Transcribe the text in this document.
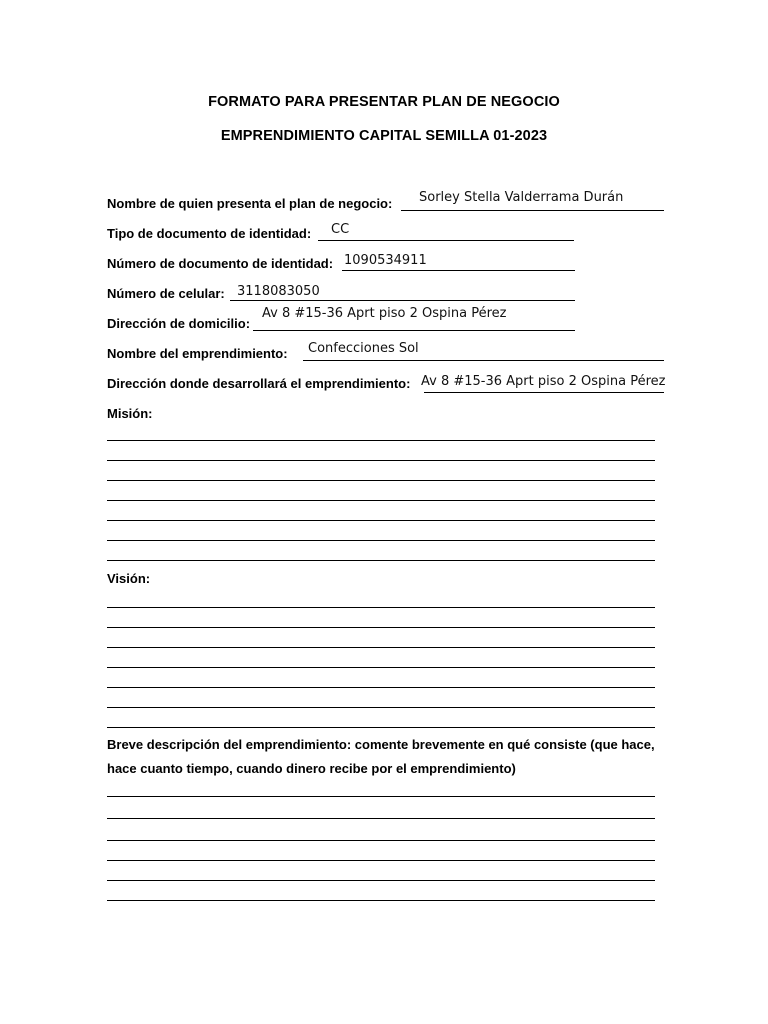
FORMATO PARA PRESENTAR PLAN DE NEGOCIO
EMPRENDIMIENTO CAPITAL SEMILLA 01-2023
Nombre de quien presenta el plan de negocio: Sorley Stella Valderrama Durán
Tipo de documento de identidad: CC
Número de documento de identidad: 1090534911
Número de celular: 3118083050
Dirección de domicilio:
Av 8 #15-36 Aprt piso 2 Ospina Pérez
Nombre del emprendimiento: Confecciones Sol
Dirección donde desarrollará el emprendimiento: Av 8 #15-36 Aprt piso 2 Ospina Pérez
Misión:
Visión:
Breve descripción del emprendimiento: comente brevemente en qué consiste (que hace, hace cuanto tiempo, cuando dinero recibe por el emprendimiento)
